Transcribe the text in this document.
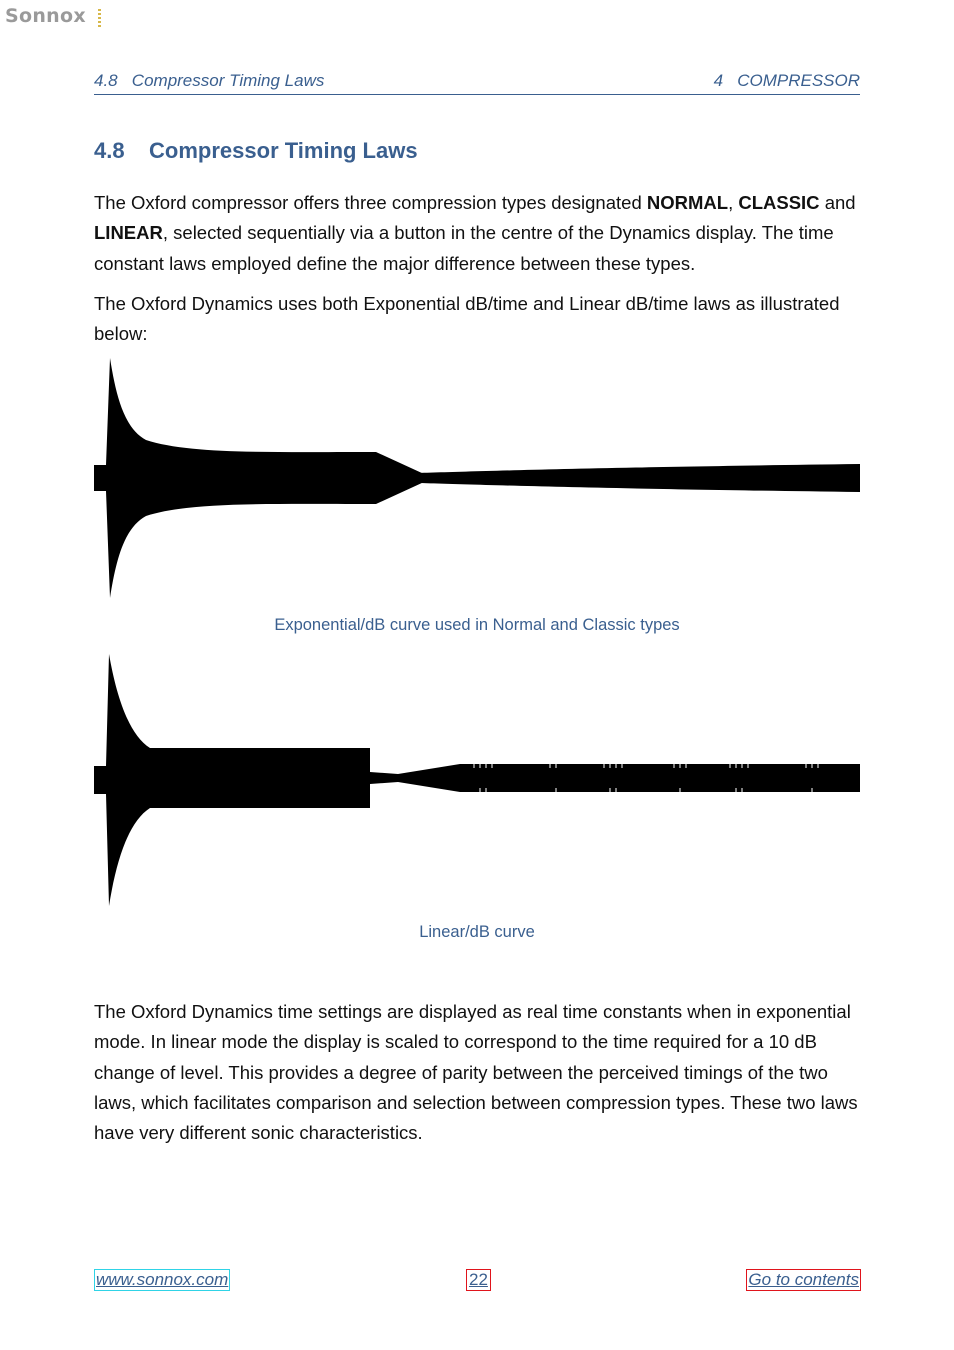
Sonnox
4.8   Compressor Timing Laws	4   COMPRESSOR
4.8    Compressor Timing Laws

The Oxford compressor offers three compression types designated NORMAL, CLASSIC and LINEAR, selected sequentially via a button in the centre of the Dynamics display. The time constant laws employed define the major difference between these types.

The Oxford Dynamics uses both Exponential dB/time and Linear dB/time laws as illustrated below:

Exponential/dB curve used in Normal and Classic types
Linear/dB curve

The Oxford Dynamics time settings are displayed as real time constants when in exponential mode. In linear mode the display is scaled to correspond to the time required for a 10 dB change of level. This provides a degree of parity between the perceived timings of the two laws, which facilitates comparison and selection between compression types. These two laws have very different sonic characteristics.

www.sonnox.com	22	Go to contents
